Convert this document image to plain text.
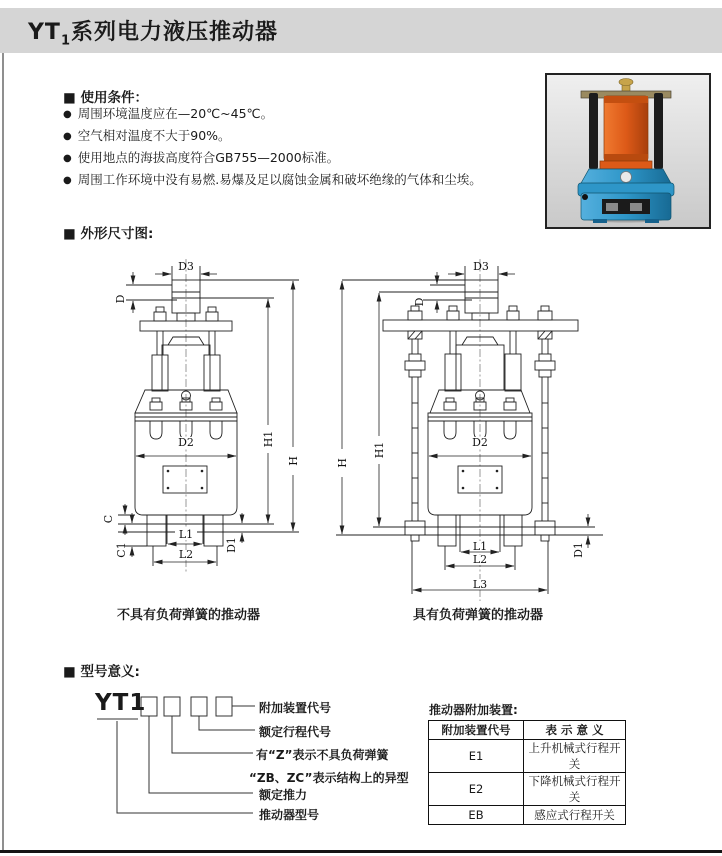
$YT_1$系列电力液压推动器
■ 使用条件：
● 周围环境温度应在—20℃~45℃。
● 空气相对温度不大于90%。
● 使用地点的海拔高度符合GB755—2000标准。
● 周围工作环境中没有易燃.易爆及足以腐蚀金属和破坏绝缘的气体和尘埃。
■ 外形尺寸图:
D3
D
D2
L1
L2
C
C1	D1
H1
H
D3
D
D2
L1
L2
L3
D1
H
H1
不具有负荷弹簧的推动器	具有负荷弹簧的推动器
■ 型号意义:
YT1	附加装置代号
额定行程代号
有“Z”表示不具负荷弹簧
“ZB、ZC”表示结构上的异型
额定推力
推动器型号
推动器附加装置:
附加装置代号	表 示 意 义
E1	上升机械式行程开关
E2	下降机械式行程开关
EB	感应式行程开关
